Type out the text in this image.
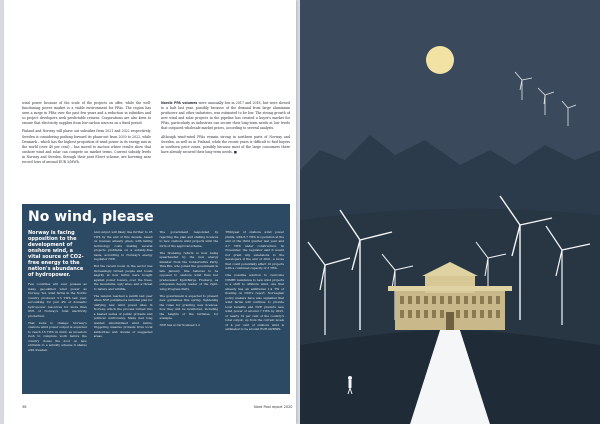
wind power because of the scale of the projects on offer, while the well-functioning power market is a viable environment for PPAs. The region has seen a surge in PPAs over the past few years and a reduction in subsidies and so project developers seek predictable returns. Corporations are also keen to ensure that electricity supplies from low-carbon sources on a fixed period.

Finland and Norway will phase out subsidies from 2021 and 2022 respectively. Sweden is considering pushing forward its phase-out from 2030 to 2022, while Denmark – which has the highest proportion of wind power in its energy mix in the world (over 40 per cent) – has moved to auction where results show that onshore wind and solar can compete on market terms. Current subsidy levels in Norway and Sweden, through their joint Elcert scheme, are hovering near record lows of around EUR 3/MWh.

Nordic PPA volumes were unusually low in 2017 and 2018, but were slowed to a halt last year, possibly because of the demand from large aluminium producers and other industries, was estimated to be low. The strong growth of new wind and solar projects in the pipeline has created a buyer's market for PPAs, particularly as industries can secure their long-term needs at low levels that outpaced wholesale market prices, according to several analysts.

Although wind-rated PPAs remain strong in northern parts of Norway and Sweden, as well as in Finland, while the recent years is difficult to find buyers in southern price zones, possibly because most of the large consumers there have already secured their long-term needs. ■

No wind, please

Norway is facing opposition to the development of onshore wind, a vital source of CO2-free energy to the nation's abundance of hydropower.

Few countries will ever possess as many geo-skilled wind power as Norway. Yet, wind farms in the Nordic country produced 5.5 TWh last year, accounting for just 4% of domestic hydropower resources for more than 95% of Norway's total electricity production.

That looks to change: Norway's onshore wind power output is expected to reach 16 TWh in 2022, as investors rush to complete work before the country closes the door on new entrants to a subsidy scheme it shares with Sweden.

And output will likely rise further to 25 TWh by the end of this decade, based on licenses already given, with falling technology costs making several projects profitable on a subsidy-free basis, according to Norway's energy regulator NVE.

But the recent boom in the sector has increasingly turned people and locals angrily at how farms were bought against power towers, over the trees, the mountains, ugly sites, and a threat to nature and wildlife.

The tension reached a zenith last year when NVE published a national plan for unifying new wind power sites in Norway, which the process turned into a heated series of public protests and political controversy. Many had long wanted unsubsidised wind farms, triggering massive protests from local authorities and dozens of suggested areas.

The government responded by rejecting the plan and stalling licences to new onshore wind projects until the form of the approval scheme.

The licensing reform is now being spearheaded by the new energy minister from the Conservative Party, Tina Bru, who joined the government in late January. She believes to be opposed to onshore wind than her predecessor Kjell-Børge Freiberg, as outspoken deputy leader of the right-wing Progress Party.

The government is expected to present new guidelines this spring, tightening the rules for granting new licences, how they will be monitored, including the heights of the turbines, for example.

NVE has so far licensed 2.2

TWh/year of onshore wind power plants, with 6.7 TWh in operation at the end of the third quarter last year and 3.7 TWh under construction. In November, the regulator said it would not grant any extensions to the developers if the end of 2021, a move that could potentially affect 10 projects with a combined capacity of 3 TWh.

One possible solution to overcome NIMBY resistance to new wind projects is a shift to offshore wind, one that already has an additional 1.4 TW of floating on NVE's report. Norwegian policy makers have also signalled that wind farms will continue to provide local benefits and NVE predicts new wind power of around 7 TWh by 2025, or nearly 10 per cent of the country's total output, up from the current levels of 4 per cent of onshore wind is estimated to be around EUR 40/MWh.

36	Nord Pool report 2020
